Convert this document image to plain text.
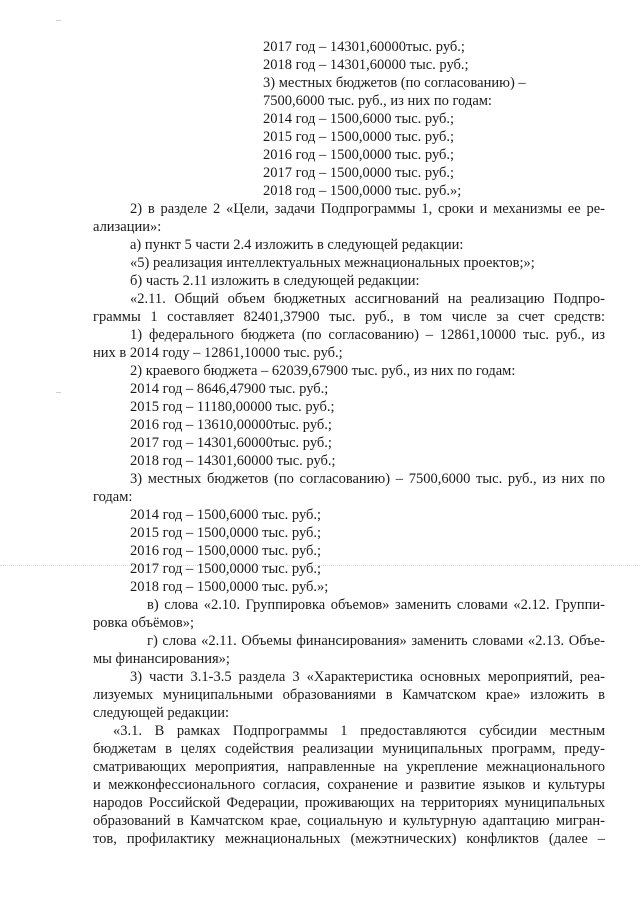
2017 год – 14301,60000тыс. руб.;
2018 год – 14301,60000 тыс. руб.;
3) местных бюджетов (по согласованию) –
7500,6000 тыс. руб., из них по годам:
2014 год – 1500,6000 тыс. руб.;
2015 год – 1500,0000 тыс. руб.;
2016 год – 1500,0000 тыс. руб.;
2017 год – 1500,0000 тыс. руб.;
2018 год – 1500,0000 тыс. руб.»;
2) в разделе 2 «Цели, задачи Подпрограммы 1, сроки и механизмы ее ре-
ализации»:
а) пункт 5 части 2.4 изложить в следующей редакции:
«5) реализация интеллектуальных межнациональных проектов;»;
б) часть 2.11 изложить в следующей редакции:
«2.11. Общий объем бюджетных ассигнований на реализацию Подпро-
граммы 1 составляет 82401,37900 тыс. руб., в том числе за счет средств:
1) федерального бюджета (по согласованию) – 12861,10000 тыс. руб., из
них в 2014 году – 12861,10000 тыс. руб.;
2) краевого бюджета – 62039,67900 тыс. руб., из них по годам:
2014 год – 8646,47900 тыс. руб.;
2015 год – 11180,00000 тыс. руб.;
2016 год – 13610,00000тыс. руб.;
2017 год – 14301,60000тыс. руб.;
2018 год – 14301,60000 тыс. руб.;
3) местных бюджетов (по согласованию) – 7500,6000 тыс. руб., из них по
годам:
2014 год – 1500,6000 тыс. руб.;
2015 год – 1500,0000 тыс. руб.;
2016 год – 1500,0000 тыс. руб.;
2017 год – 1500,0000 тыс. руб.;
2018 год – 1500,0000 тыс. руб.»;
в) слова «2.10. Группировка объемов» заменить словами «2.12. Группи-
ровка объёмов»;
г) слова «2.11. Объемы финансирования» заменить словами «2.13. Объе-
мы финансирования»;
3) части 3.1-3.5 раздела 3 «Характеристика основных мероприятий, реа-
лизуемых муниципальными образованиями в Камчатском крае» изложить в
следующей редакции:
«3.1. В рамках Подпрограммы 1 предоставляются субсидии местным
бюджетам в целях содействия реализации муниципальных программ, преду-
сматривающих мероприятия, направленные на укрепление межнационального
и межконфессионального согласия, сохранение и развитие языков и культуры
народов Российской Федерации, проживающих на территориях муниципальных
образований в Камчатском крае, социальную и культурную адаптацию мигран-
тов, профилактику межнациональных (межэтнических) конфликтов (далее –
